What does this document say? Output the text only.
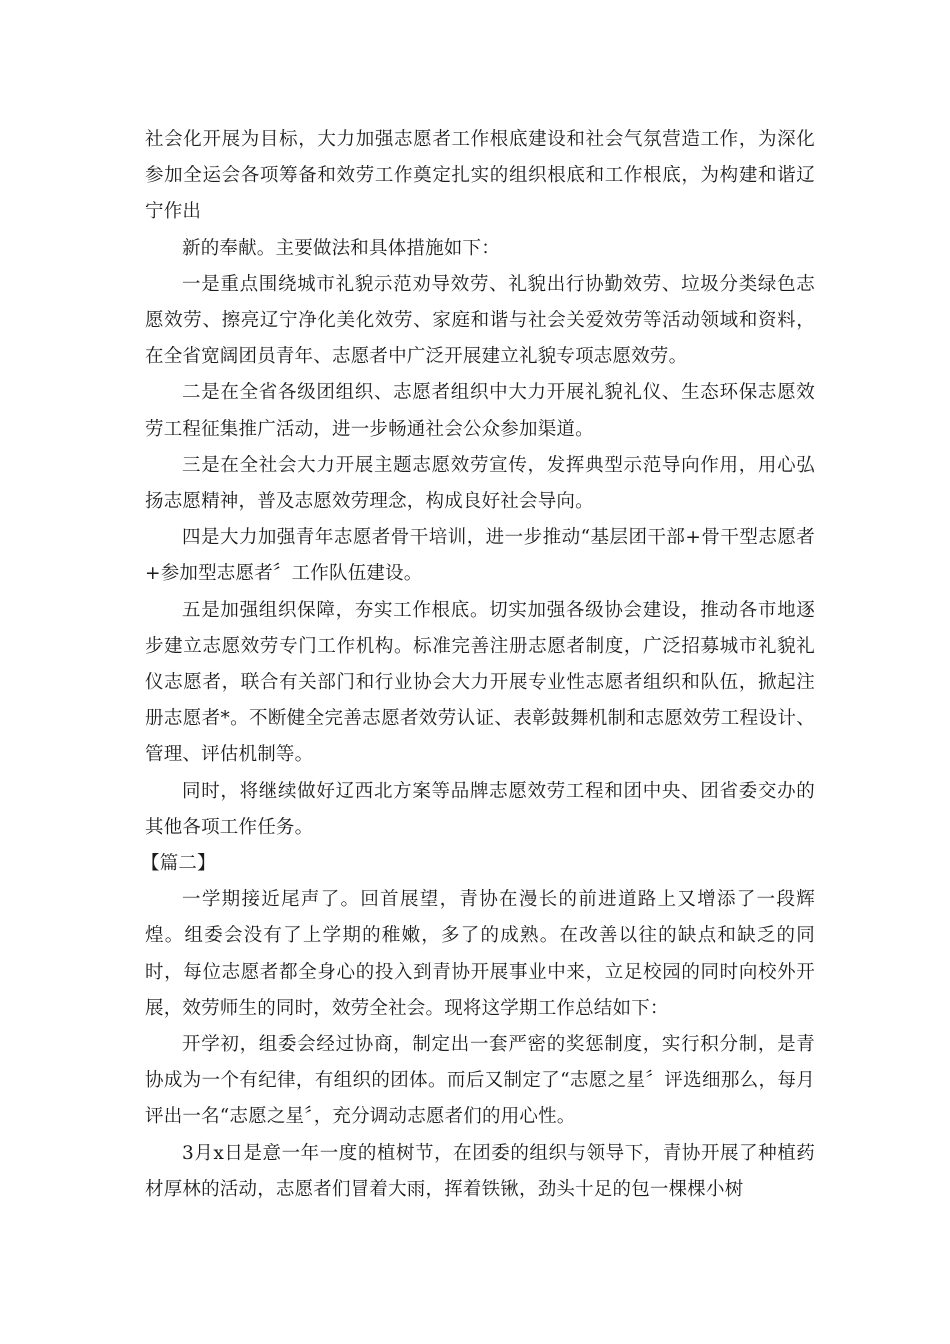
社会化开展为目标，大力加强志愿者工作根底建设和社会气氛营造工作，为深化参加全运会各项筹备和效劳工作奠定扎实的组织根底和工作根底，为构建和谐辽宁作出

新的奉献。主要做法和具体措施如下：

一是重点围绕城市礼貌示范劝导效劳、礼貌出行协勤效劳、垃圾分类绿色志愿效劳、擦亮辽宁净化美化效劳、家庭和谐与社会关爱效劳等活动领域和资料，在全省宽阔团员青年、志愿者中广泛开展建立礼貌专项志愿效劳。

二是在全省各级团组织、志愿者组织中大力开展礼貌礼仪、生态环保志愿效劳工程征集推广活动，进一步畅通社会公众参加渠道。

三是在全社会大力开展主题志愿效劳宣传，发挥典型示范导向作用，用心弘扬志愿精神，普及志愿效劳理念，构成良好社会导向。

四是大力加强青年志愿者骨干培训，进一步推动“基层团干部+骨干型志愿者+参加型志愿者〞工作队伍建设。

五是加强组织保障，夯实工作根底。切实加强各级协会建设，推动各市地逐步建立志愿效劳专门工作机构。标准完善注册志愿者制度，广泛招募城市礼貌礼仪志愿者，联合有关部门和行业协会大力开展专业性志愿者组织和队伍，掀起注册志愿者*。不断健全完善志愿者效劳认证、表彰鼓舞机制和志愿效劳工程设计、管理、评估机制等。

同时，将继续做好辽西北方案等品牌志愿效劳工程和团中央、团省委交办的其他各项工作任务。

【篇二】

一学期接近尾声了。回首展望，青协在漫长的前进道路上又增添了一段辉煌。组委会没有了上学期的稚嫩，多了的成熟。在改善以往的缺点和缺乏的同时，每位志愿者都全身心的投入到青协开展事业中来，立足校园的同时向校外开展，效劳师生的同时，效劳全社会。现将这学期工作总结如下：

开学初，组委会经过协商，制定出一套严密的奖惩制度，实行积分制，是青协成为一个有纪律，有组织的团体。而后又制定了“志愿之星〞评选细那么，每月评出一名“志愿之星〞，充分调动志愿者们的用心性。

3月x日是意一年一度的植树节，在团委的组织与领导下，青协开展了种植药材厚林的活动，志愿者们冒着大雨，挥着铁锹，劲头十足的包一棵棵小树
